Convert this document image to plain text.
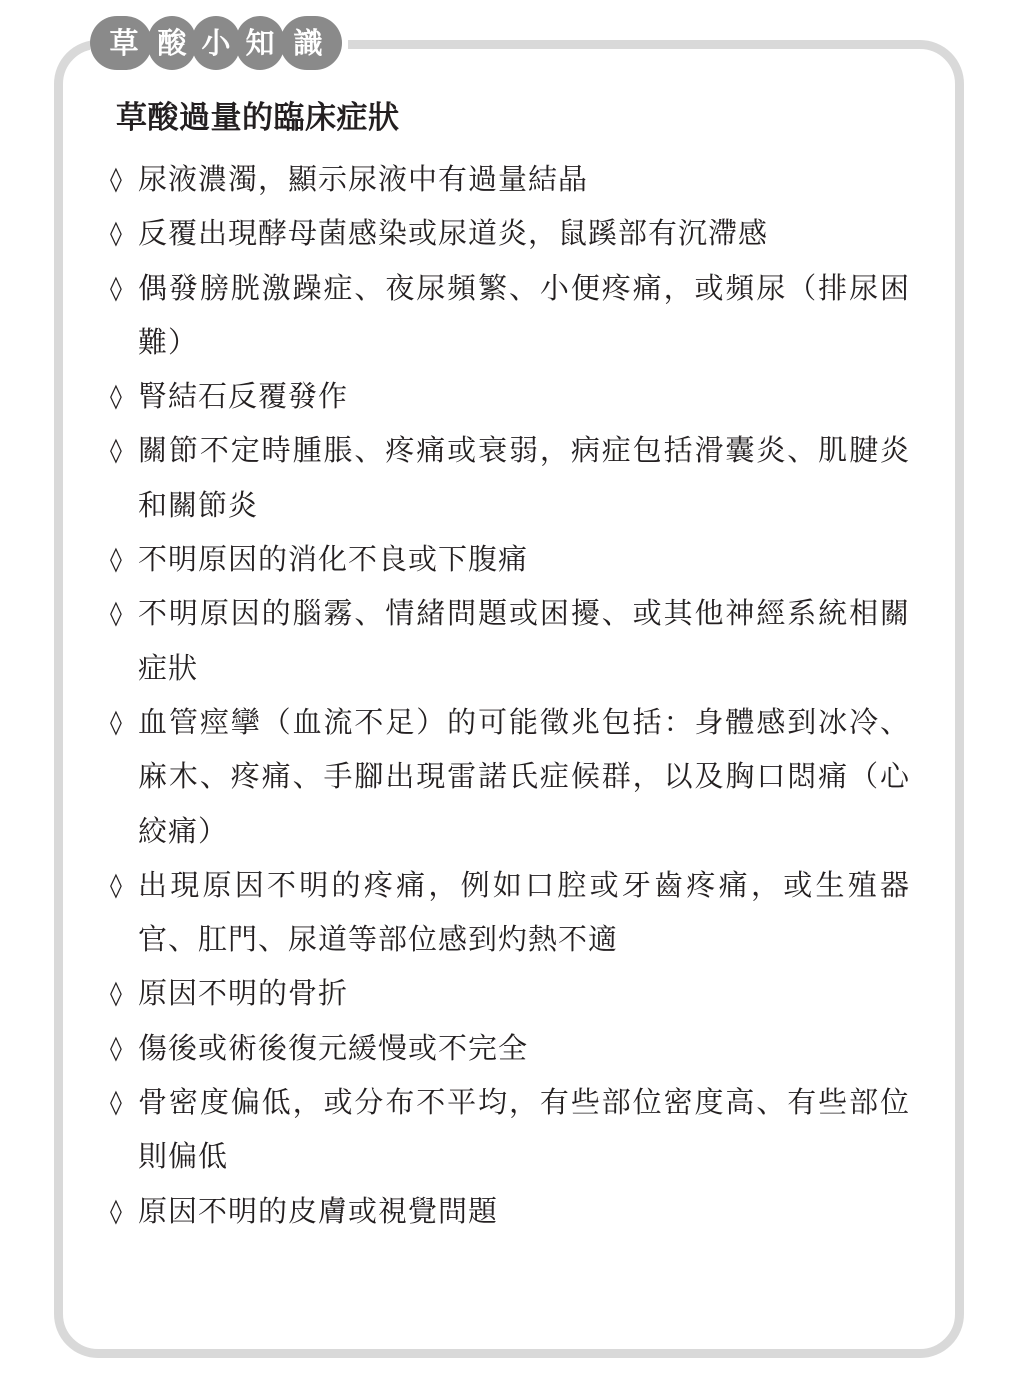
草 酸 小 知 識
草酸過量的臨床症狀
◊ 尿液濃濁，顯示尿液中有過量結晶
◊ 反覆出現酵母菌感染或尿道炎，鼠蹊部有沉滯感
◊ 偶發膀胱激躁症、夜尿頻繁、小便疼痛，或頻尿（排尿困難）
◊ 腎結石反覆發作
◊ 關節不定時腫脹、疼痛或衰弱，病症包括滑囊炎、肌腱炎和關節炎
◊ 不明原因的消化不良或下腹痛
◊ 不明原因的腦霧、情緒問題或困擾、或其他神經系統相關症狀
◊ 血管痙攣（血流不足）的可能徵兆包括：身體感到冰冷、麻木、疼痛、手腳出現雷諾氏症候群，以及胸口悶痛（心絞痛）
◊ 出現原因不明的疼痛，例如口腔或牙齒疼痛，或生殖器官、肛門、尿道等部位感到灼熱不適
◊ 原因不明的骨折
◊ 傷後或術後復元緩慢或不完全
◊ 骨密度偏低，或分布不平均，有些部位密度高、有些部位則偏低
◊ 原因不明的皮膚或視覺問題
